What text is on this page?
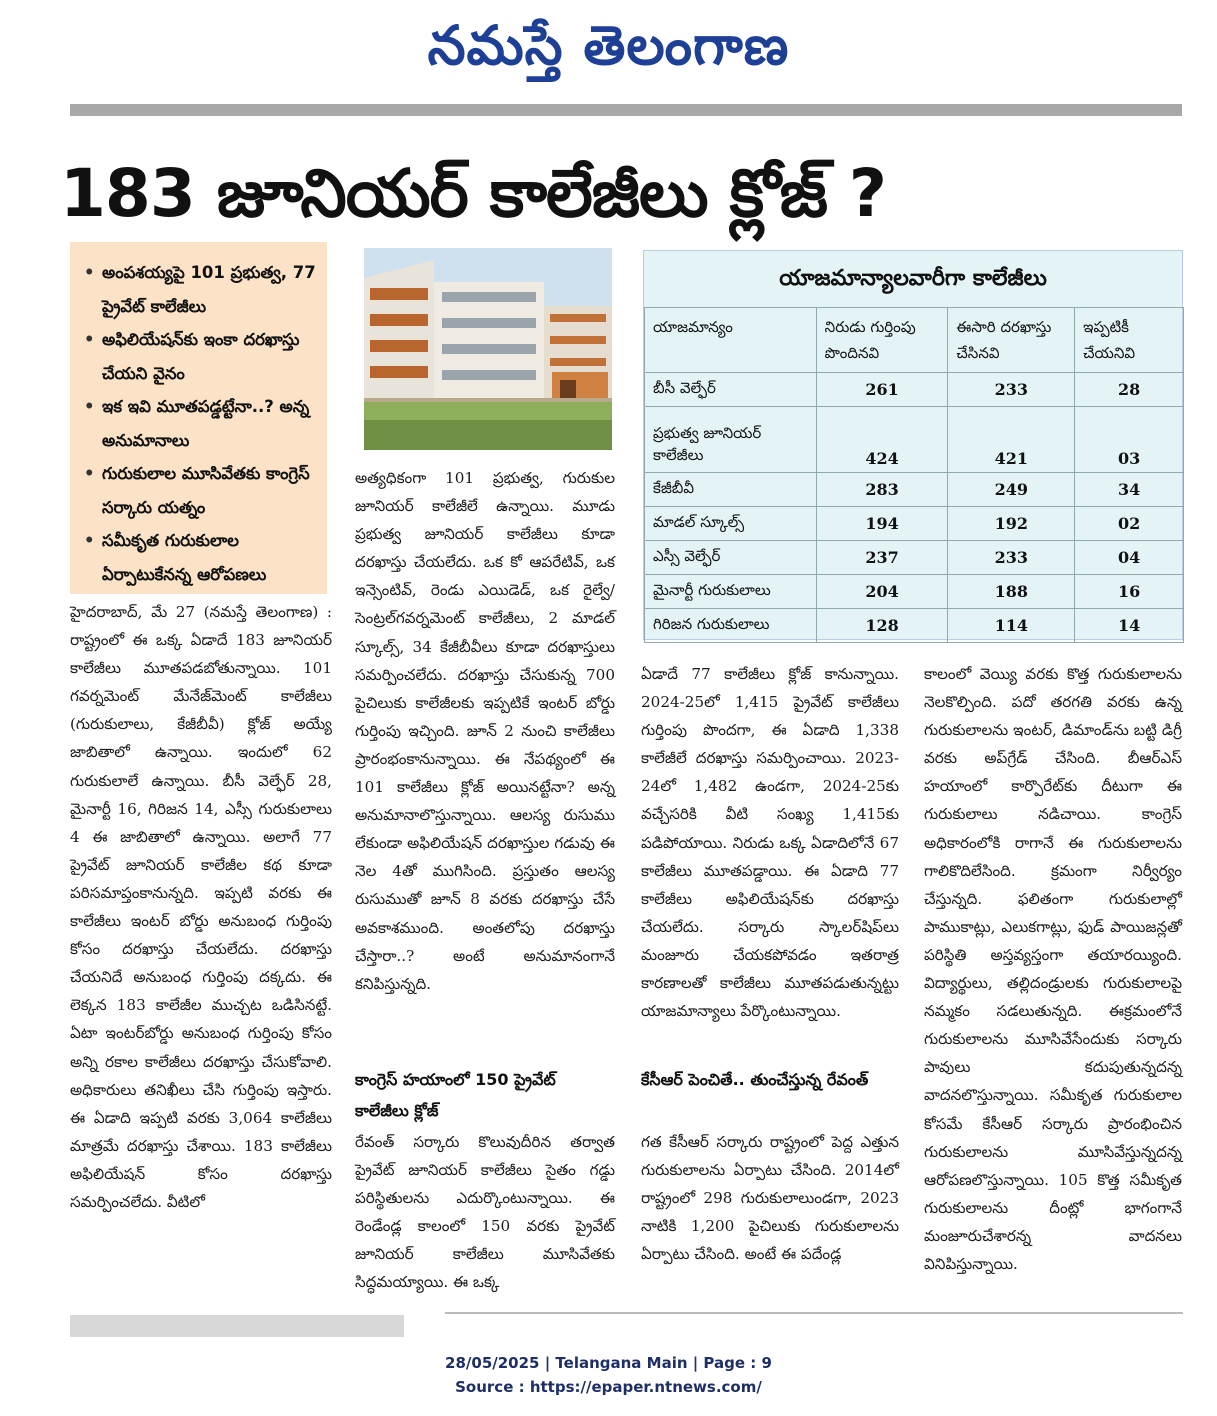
నమస్తే తెలంగాణ
183 జూనియర్‌ కాలేజీలు క్లోజ్‌ ?
• అంపశయ్యపై 101 ప్రభుత్వ, 77 ప్రైవేట్‌ కాలేజీలు
• అఫిలియేషన్‌కు ఇంకా దరఖాస్తు చేయని వైనం
• ఇక ఇవి మూతపడ్డట్టేనా..? అన్న అనుమానాలు
• గురుకులాల మూసివేతకు కాంగ్రెస్‌ సర్కారు యత్నం
• సమీకృత గురుకులాల ఏర్పాటుకేనన్న ఆరోపణలు
యాజమాన్యాలవారీగా కాలేజీలు
యాజమాన్యం	నిరుడు గుర్తింపు పొందినవి	ఈసారి దరఖాస్తు చేసినవి	ఇప్పటికీ చేయనివి
బీసీ వెల్ఫేర్‌	261	233	28
ప్రభుత్వ జూనియర్‌ కాలేజీలు	424	421	03
కేజీబీవీ	283	249	34
మాడల్‌ స్కూల్స్‌	194	192	02
ఎస్సీ వెల్ఫేర్‌	237	233	04
మైనార్టీ గురుకులాలు	204	188	16
గిరిజన గురుకులాలు	128	114	14
హైదరాబాద్‌, మే 27 (నమస్తే తెలంగాణ) : రాష్ట్రంలో ఈ ఒక్క ఏడాదే 183 జూనియర్‌ కాలేజీలు మూతపడబోతున్నాయి. 101 గవర్నమెంట్‌ మేనేజ్‌మెంట్‌ కాలేజీలు (గురుకులాలు, కేజీబీవీ) క్లోజ్‌ అయ్యే జాబితాలో ఉన్నాయి. ఇందులో 62 గురుకులాలే ఉన్నాయి. బీసీ వెల్ఫేర్‌ 28, మైనార్టీ 16, గిరిజన 14, ఎస్సీ గురుకులాలు 4 ఈ జాబితాలో ఉన్నాయి. అలాగే 77 ప్రైవేట్‌ జూనియర్‌ కాలేజీల కథ కూడా పరిసమాప్తంకానున్నది. ఇప్పటి వరకు ఈ కాలేజీలు ఇంటర్‌ బోర్డు అనుబంధ గుర్తింపు కోసం దరఖాస్తు చేయలేదు. దరఖాస్తు చేయనిదే అనుబంధ గుర్తింపు దక్కదు. ఈ లెక్కన 183 కాలేజీల ముచ్చట ఒడిసినట్టే. ఏటా ఇంటర్‌బోర్డు అనుబంధ గుర్తింపు కోసం అన్ని రకాల కాలేజీలు దరఖాస్తు చేసుకోవాలి. అధికారులు తనిఖీలు చేసి గుర్తింపు ఇస్తారు. ఈ ఏడాది ఇప్పటి వరకు 3,064 కాలేజీలు మాత్రమే దరఖాస్తు చేశాయి. 183 కాలేజీలు అఫిలియేషన్‌ కోసం దరఖాస్తు సమర్పించలేదు. వీటిలో
అత్యధికంగా 101 ప్రభుత్వ, గురుకుల జూనియర్‌ కాలేజీలే ఉన్నాయి. మూడు ప్రభుత్వ జూనియర్‌ కాలేజీలు కూడా దరఖాస్తు చేయలేదు. ఒక కో ఆపరేటివ్‌, ఒక ఇన్సెంటివ్‌, రెండు ఎయిడెడ్‌, ఒక రైల్వే/సెంట్రల్‌గవర్నమెంట్‌ కాలేజీలు, 2 మాడల్‌ స్కూల్స్‌, 34 కేజీబీవీలు కూడా దరఖాస్తులు సమర్పించలేదు. దరఖాస్తు చేసుకున్న 700 పైచిలుకు కాలేజీలకు ఇప్పటికే ఇంటర్‌ బోర్డు గుర్తింపు ఇచ్చింది. జూన్‌ 2 నుంచి కాలేజీలు ప్రారంభంకానున్నాయి. ఈ నేపథ్యంలో ఈ 101 కాలేజీలు క్లోజ్‌ అయినట్టేనా? అన్న అనుమానాలొస్తున్నాయి. ఆలస్య రుసుము లేకుండా అఫిలియేషన్‌ దరఖాస్తుల గడువు ఈ నెల 4తో ముగిసింది. ప్రస్తుతం ఆలస్య రుసుముతో జూన్‌ 8 వరకు దరఖాస్తు చేసే అవకాశముంది. అంతలోపు దరఖాస్తు చేస్తారా..? అంటే అనుమానంగానే కనిపిస్తున్నది.
కాంగ్రెస్‌ హయాంలో 150 ప్రైవేట్‌ కాలేజీలు క్లోజ్‌
రేవంత్‌ సర్కారు కొలువుదీరిన తర్వాత ప్రైవేట్‌ జూనియర్‌ కాలేజీలు సైతం గడ్డు పరిస్థితులను ఎదుర్కొంటున్నాయి. ఈ రెండేండ్ల కాలంలో 150 వరకు ప్రైవేట్‌ జూనియర్‌ కాలేజీలు మూసివేతకు సిద్ధమయ్యాయి. ఈ ఒక్క
ఏడాదే 77 కాలేజీలు క్లోజ్‌ కానున్నాయి. 2024-25లో 1,415 ప్రైవేట్‌ కాలేజీలు గుర్తింపు పొందగా, ఈ ఏడాది 1,338 కాలేజీలే దరఖాస్తు సమర్పించాయి. 2023-24లో 1,482 ఉండగా, 2024-25కు వచ్చేసరికి వీటి సంఖ్య 1,415కు పడిపోయాయి. నిరుడు ఒక్క ఏడాదిలోనే 67 కాలేజీలు మూతపడ్డాయి. ఈ ఏడాది 77 కాలేజీలు అఫిలియేషన్‌కు దరఖాస్తు చేయలేదు. సర్కారు స్కాలర్‌షిప్‌లు మంజూరు చేయకపోవడం ఇతరాత్ర కారణాలతో కాలేజీలు మూతపడుతున్నట్టు యాజమాన్యాలు పేర్కొంటున్నాయి.
కేసీఆర్‌ పెంచితే.. తుంచేస్తున్న రేవంత్‌
గత కేసీఆర్‌ సర్కారు రాష్ట్రంలో పెద్ద ఎత్తున గురుకులాలను ఏర్పాటు చేసింది. 2014లో రాష్ట్రంలో 298 గురుకులాలుండగా, 2023 నాటికి 1,200 పైచిలుకు గురుకులాలను ఏర్పాటు చేసింది. అంటే ఈ పదేండ్ల
కాలంలో వెయ్యి వరకు కొత్త గురుకులాలను నెలకొల్పింది. పదో తరగతి వరకు ఉన్న గురుకులాలను ఇంటర్‌, డిమాండ్‌ను బట్టి డిగ్రీ వరకు అప్‌గ్రేడ్‌ చేసింది. బీఆర్‌ఎస్‌ హయాంలో కార్పొరేట్‌కు దీటుగా ఈ గురుకులాలు నడిచాయి. కాంగ్రెస్‌ అధికారంలోకి రాగానే ఈ గురుకులాలను గాలికొదిలేసింది. క్రమంగా నిర్వీర్యం చేస్తున్నది. ఫలితంగా గురుకులాల్లో పాముకాట్లు, ఎలుకగాట్లు, ఫుడ్‌ పాయిజన్లతో పరిస్థితి అస్తవ్యస్తంగా తయారయ్యింది. విద్యార్థులు, తల్లిదండ్రులకు గురుకులాలపై నమ్మకం సడలుతున్నది. ఈక్రమంలోనే గురుకులాలను మూసివేసేందుకు సర్కారు పావులు కదుపుతున్నదన్న వాదనలొస్తున్నాయి. సమీకృత గురుకులాల కోసమే కేసీఆర్‌ సర్కారు ప్రారంభించిన గురుకులాలను మూసివేస్తున్నదన్న ఆరోపణలొస్తున్నాయి. 105 కొత్త సమీకృత గురుకులాలను దీంట్లో భాగంగానే మంజూరుచేశారన్న వాదనలు వినిపిస్తున్నాయి.
28/05/2025 | Telangana Main | Page : 9
Source : https://epaper.ntnews.com/
